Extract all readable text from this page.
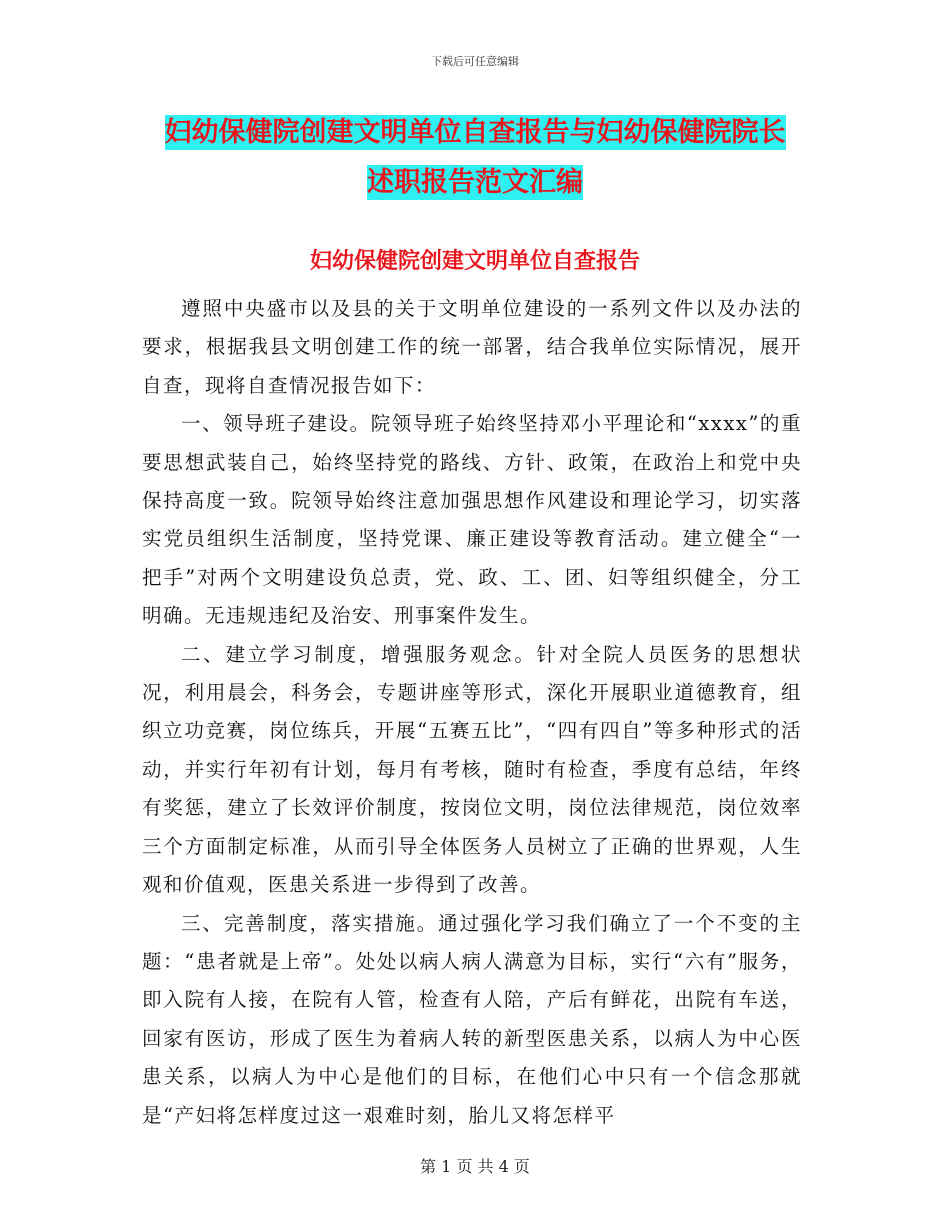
下载后可任意编辑
妇幼保健院创建文明单位自查报告与妇幼保健院院长
述职报告范文汇编
妇幼保健院创建文明单位自查报告

遵照中央盛市以及县的关于文明单位建设的一系列文件以及办法的要求，根据我县文明创建工作的统一部署，结合我单位实际情况，展开自查，现将自查情况报告如下：

一、领导班子建设。院领导班子始终坚持邓小平理论和“xxxx”的重要思想武装自己，始终坚持党的路线、方针、政策，在政治上和党中央保持高度一致。院领导始终注意加强思想作风建设和理论学习，切实落实党员组织生活制度，坚持党课、廉正建设等教育活动。建立健全“一把手”对两个文明建设负总责，党、政、工、团、妇等组织健全，分工明确。无违规违纪及治安、刑事案件发生。

二、建立学习制度，增强服务观念。针对全院人员医务的思想状况，利用晨会，科务会，专题讲座等形式，深化开展职业道德教育，组织立功竞赛，岗位练兵，开展“五赛五比”，“四有四自”等多种形式的活动，并实行年初有计划，每月有考核，随时有检查，季度有总结，年终有奖惩，建立了长效评价制度，按岗位文明，岗位法律规范，岗位效率三个方面制定标准，从而引导全体医务人员树立了正确的世界观，人生观和价值观，医患关系进一步得到了改善。

三、完善制度，落实措施。通过强化学习我们确立了一个不变的主题：“患者就是上帝”。处处以病人病人满意为目标，实行“六有”服务，即入院有人接，在院有人管，检查有人陪，产后有鲜花，出院有车送，回家有医访，形成了医生为着病人转的新型医患关系，以病人为中心医患关系，以病人为中心是他们的目标，在他们心中只有一个信念那就是“产妇将怎样度过这一艰难时刻，胎儿又将怎样平

第 1 页 共 4 页
